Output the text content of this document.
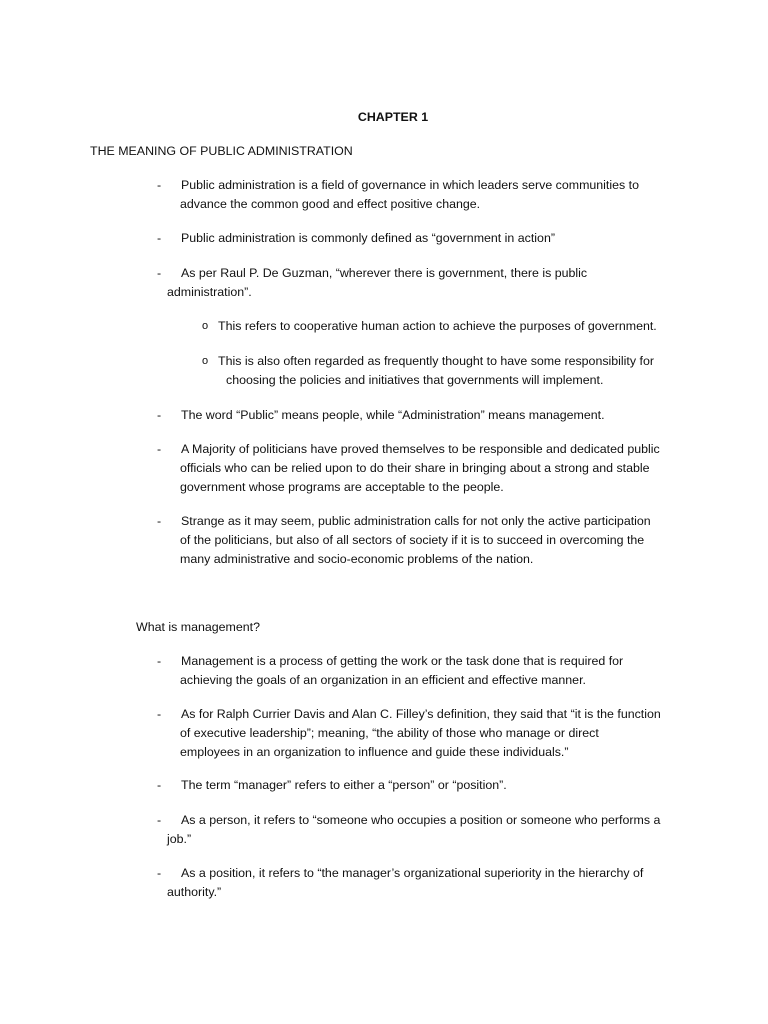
CHAPTER 1
THE MEANING OF PUBLIC ADMINISTRATION
-	Public administration is a field of governance in which leaders serve communities to
advance the common good and effect positive change.
-	Public administration is commonly defined as “government in action”
-	As per Raul P. De Guzman, “wherever there is government, there is public
administration”.
o This refers to cooperative human action to achieve the purposes of government.
o This is also often regarded as frequently thought to have some responsibility for
choosing the policies and initiatives that governments will implement.
-	The word “Public” means people, while “Administration” means management.
-	A Majority of politicians have proved themselves to be responsible and dedicated public
officials who can be relied upon to do their share in bringing about a strong and stable
government whose programs are acceptable to the people.
-	Strange as it may seem, public administration calls for not only the active participation
of the politicians, but also of all sectors of society if it is to succeed in overcoming the
many administrative and socio-economic problems of the nation.
What is management?
-	Management is a process of getting the work or the task done that is required for
achieving the goals of an organization in an efficient and effective manner.
-	As for Ralph Currier Davis and Alan C. Filley’s definition, they said that “it is the function
of executive leadership”; meaning, “the ability of those who manage or direct
employees in an organization to influence and guide these individuals.”
-	The term “manager” refers to either a “person” or “position”.
-	As a person, it refers to “someone who occupies a position or someone who performs a
job.”
-	As a position, it refers to “the manager’s organizational superiority in the hierarchy of
authority.”
